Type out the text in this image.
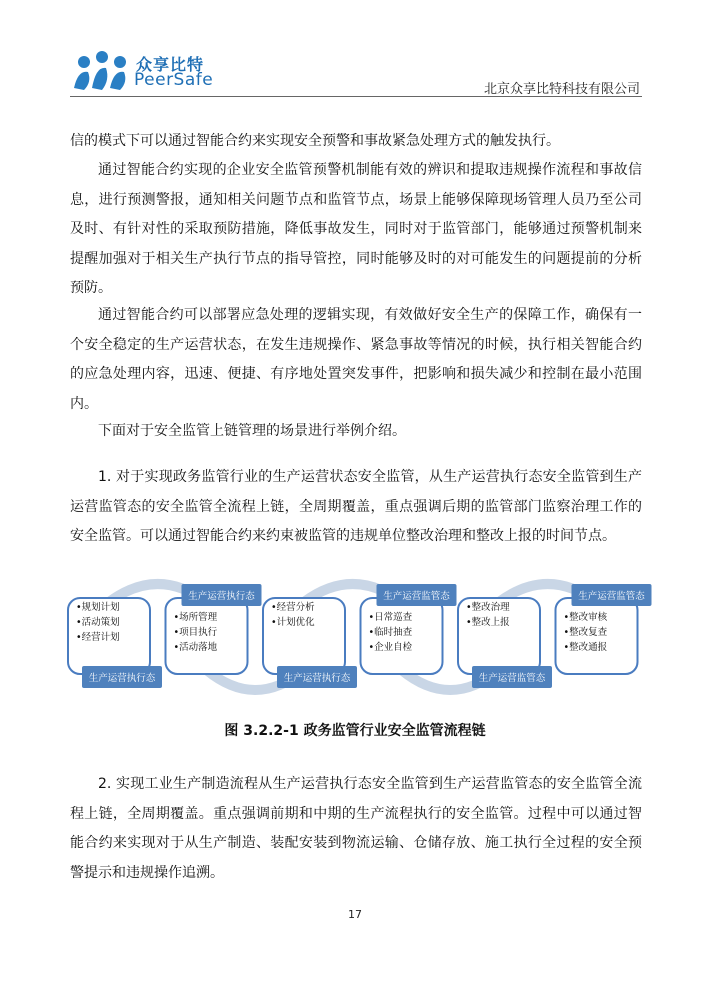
众享比特
PeerSafe	北京众享比特科技有限公司

信的模式下可以通过智能合约来实现安全预警和事故紧急处理方式的触发执行。

通过智能合约实现的企业安全监管预警机制能有效的辨识和提取违规操作流程和事故信息，进行预测警报，通知相关问题节点和监管节点，场景上能够保障现场管理人员乃至公司及时、有针对性的采取预防措施，降低事故发生，同时对于监管部门，能够通过预警机制来提醒加强对于相关生产执行节点的指导管控，同时能够及时的对可能发生的问题提前的分析预防。

通过智能合约可以部署应急处理的逻辑实现，有效做好安全生产的保障工作，确保有一个安全稳定的生产运营状态，在发生违规操作、紧急事故等情况的时候，执行相关智能合约的应急处理内容，迅速、便捷、有序地处置突发事件，把影响和损失减少和控制在最小范围内。

下面对于安全监管上链管理的场景进行举例介绍。

1. 对于实现政务监管行业的生产运营状态安全监管，从生产运营执行态安全监管到生产运营监管态的安全监管全流程上链，全周期覆盖，重点强调后期的监管部门监察治理工作的安全监管。可以通过智能合约来约束被监管的违规单位整改治理和整改上报的时间节点。

生产运营执行态
•规划计划
•活动策划
•经营计划
生产运营执行态
•场所管理
•项目执行
•活动落地
生产运营执行态
•经营分析
•计划优化
生产运营监管态
•日常巡查
•临时抽查
•企业自检
生产运营监管态
•整改治理
•整改上报
生产运营监管态
•整改审核
•整改复查
•整改通报
图 3.2.2-1 政务监管行业安全监管流程链

2. 实现工业生产制造流程从生产运营执行态安全监管到生产运营监管态的安全监管全流程上链，全周期覆盖。重点强调前期和中期的生产流程执行的安全监管。过程中可以通过智能合约来实现对于从生产制造、装配安装到物流运输、仓储存放、施工执行全过程的安全预警提示和违规操作追溯。

17
